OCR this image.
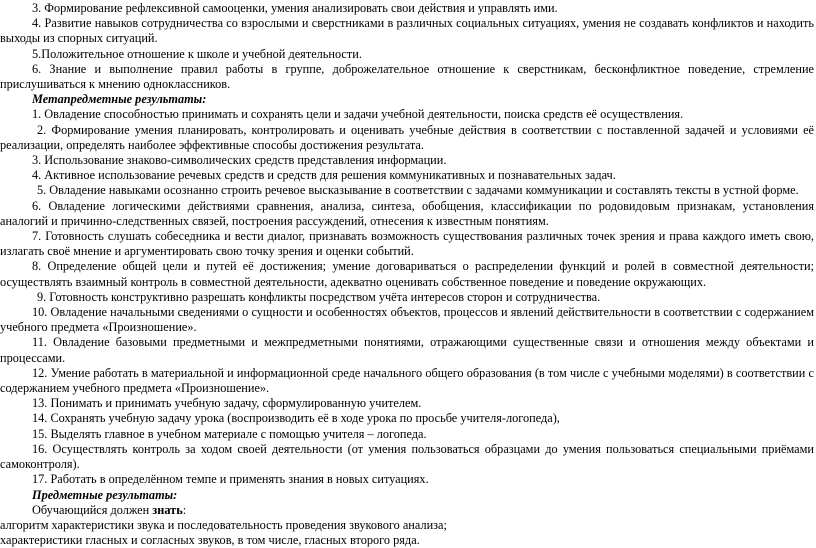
3. Формирование рефлексивной самооценки, умения анализировать свои действия и управлять ими.

4. Развитие навыков сотрудничества со взрослыми и сверстниками в различных социальных ситуациях, умения не создавать конфликтов и находить выходы из спорных ситуаций.

5.Положительное отношение к школе и учебной деятельности.

6. Знание и выполнение правил работы в группе, доброжелательное отношение к сверстникам, бесконфликтное поведение, стремление прислушиваться к мнению одноклассников.

Метапредметные результаты:

1. Овладение способностью принимать и сохранять цели и задачи учебной деятельности, поиска средств её осуществления.

2. Формирование умения планировать, контролировать и оценивать учебные действия в соответствии с поставленной задачей и условиями её реализации, определять наиболее эффективные способы достижения результата.

3. Использование знаково-символических средств представления информации.

4. Активное использование речевых средств и средств для решения коммуникативных и познавательных задач.

5. Овладение навыками осознанно строить речевое высказывание в соответствии с задачами коммуникации и составлять тексты в устной форме.

6. Овладение логическими действиями сравнения, анализа, синтеза, обобщения, классификации по родовидовым признакам, установления аналогий и причинно-следственных связей, построения рассуждений, отнесения к известным понятиям.

7. Готовность слушать собеседника и вести диалог, признавать возможность существования различных точек зрения и права каждого иметь свою, излагать своё мнение и аргументировать свою точку зрения и оценки событий.

8. Определение общей цели и путей её достижения; умение договариваться о распределении функций и ролей в совместной деятельности; осуществлять взаимный контроль в совместной деятельности, адекватно оценивать собственное поведение и поведение окружающих.

9. Готовность конструктивно разрешать конфликты посредством учёта интересов сторон и сотрудничества.

10. Овладение начальными сведениями о сущности и особенностях объектов, процессов и явлений действительности в соответствии с содержанием учебного предмета «Произношение».

11. Овладение базовыми предметными и межпредметными понятиями, отражающими существенные связи и отношения между объектами и процессами.

12. Умение работать в материальной и информационной среде начального общего образования (в том числе с учебными моделями) в соответствии с содержанием учебного предмета «Произношение».

13. Понимать и принимать учебную задачу, сформулированную учителем.

14. Сохранять учебную задачу урока (воспроизводить её в ходе урока по просьбе учителя-логопеда),

15. Выделять главное в учебном материале с помощью учителя – логопеда.

16. Осуществлять контроль за ходом своей деятельности (от умения пользоваться образцами до умения пользоваться специальными приёмами самоконтроля).

17. Работать в определённом темпе и применять знания в новых ситуациях.

Предметные результаты:

Обучающийся должен знать:

алгоритм характеристики звука и последовательность проведения звукового анализа;

характеристики гласных и согласных звуков, в том числе, гласных второго ряда.
